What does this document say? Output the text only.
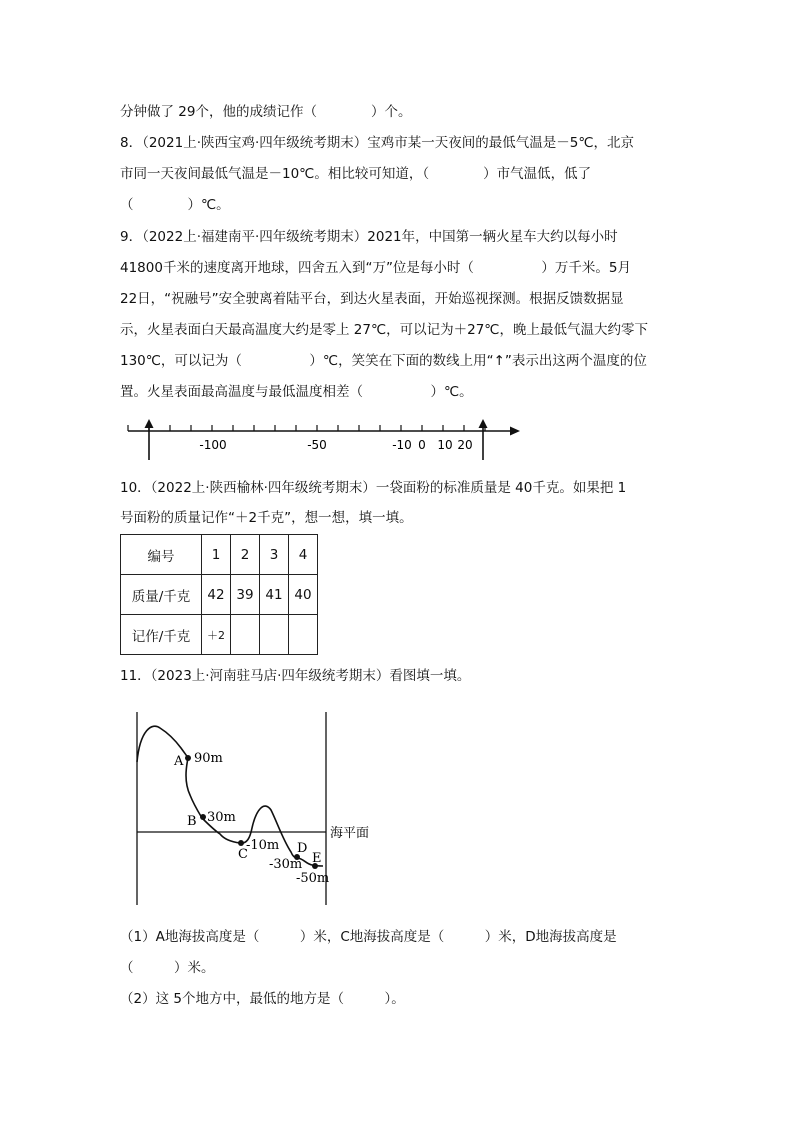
分钟做了 29个，他的成绩记作（　　　　）个。
8．（2021上·陕西宝鸡·四年级统考期末）宝鸡市某一天夜间的最低气温是－5℃，北京
市同一天夜间最低气温是－10℃。相比较可知道，（　　　　）市气温低，低了
（　　　　）℃。
9．（2022上·福建南平·四年级统考期末）2021年，中国第一辆火星车大约以每小时
41800千米的速度离开地球，四舍五入到“万”位是每小时（　　　　　）万千米。5月
22日，“祝融号”安全驶离着陆平台，到达火星表面，开始巡视探测。根据反馈数据显
示，火星表面白天最高温度大约是零上 27℃，可以记为＋27℃，晚上最低气温大约零下
130℃，可以记为（　　　　　）℃，笑笑在下面的数线上用“↑”表示出这两个温度的位
置。火星表面最高温度与最低温度相差（　　　　　）℃。
-100	-50	-10 0 10 20
10．（2022上·陕西榆林·四年级统考期末）一袋面粉的标准质量是 40千克。如果把 1
号面粉的质量记作“＋2千克”，想一想，填一填。
编号	1	2	3	4
质量/千克	42	39	41	40
记作/千克	＋2			
11．（2023上·河南驻马店·四年级统考期末）看图填一填。
海平面
A 90m
B 30m
C
-10m D
-30m E
-50m
（1）A地海拔高度是（　　　）米，C地海拔高度是（　　　）米，D地海拔高度是
（　　　）米。
（2）这 5个地方中，最低的地方是（　　　）。
